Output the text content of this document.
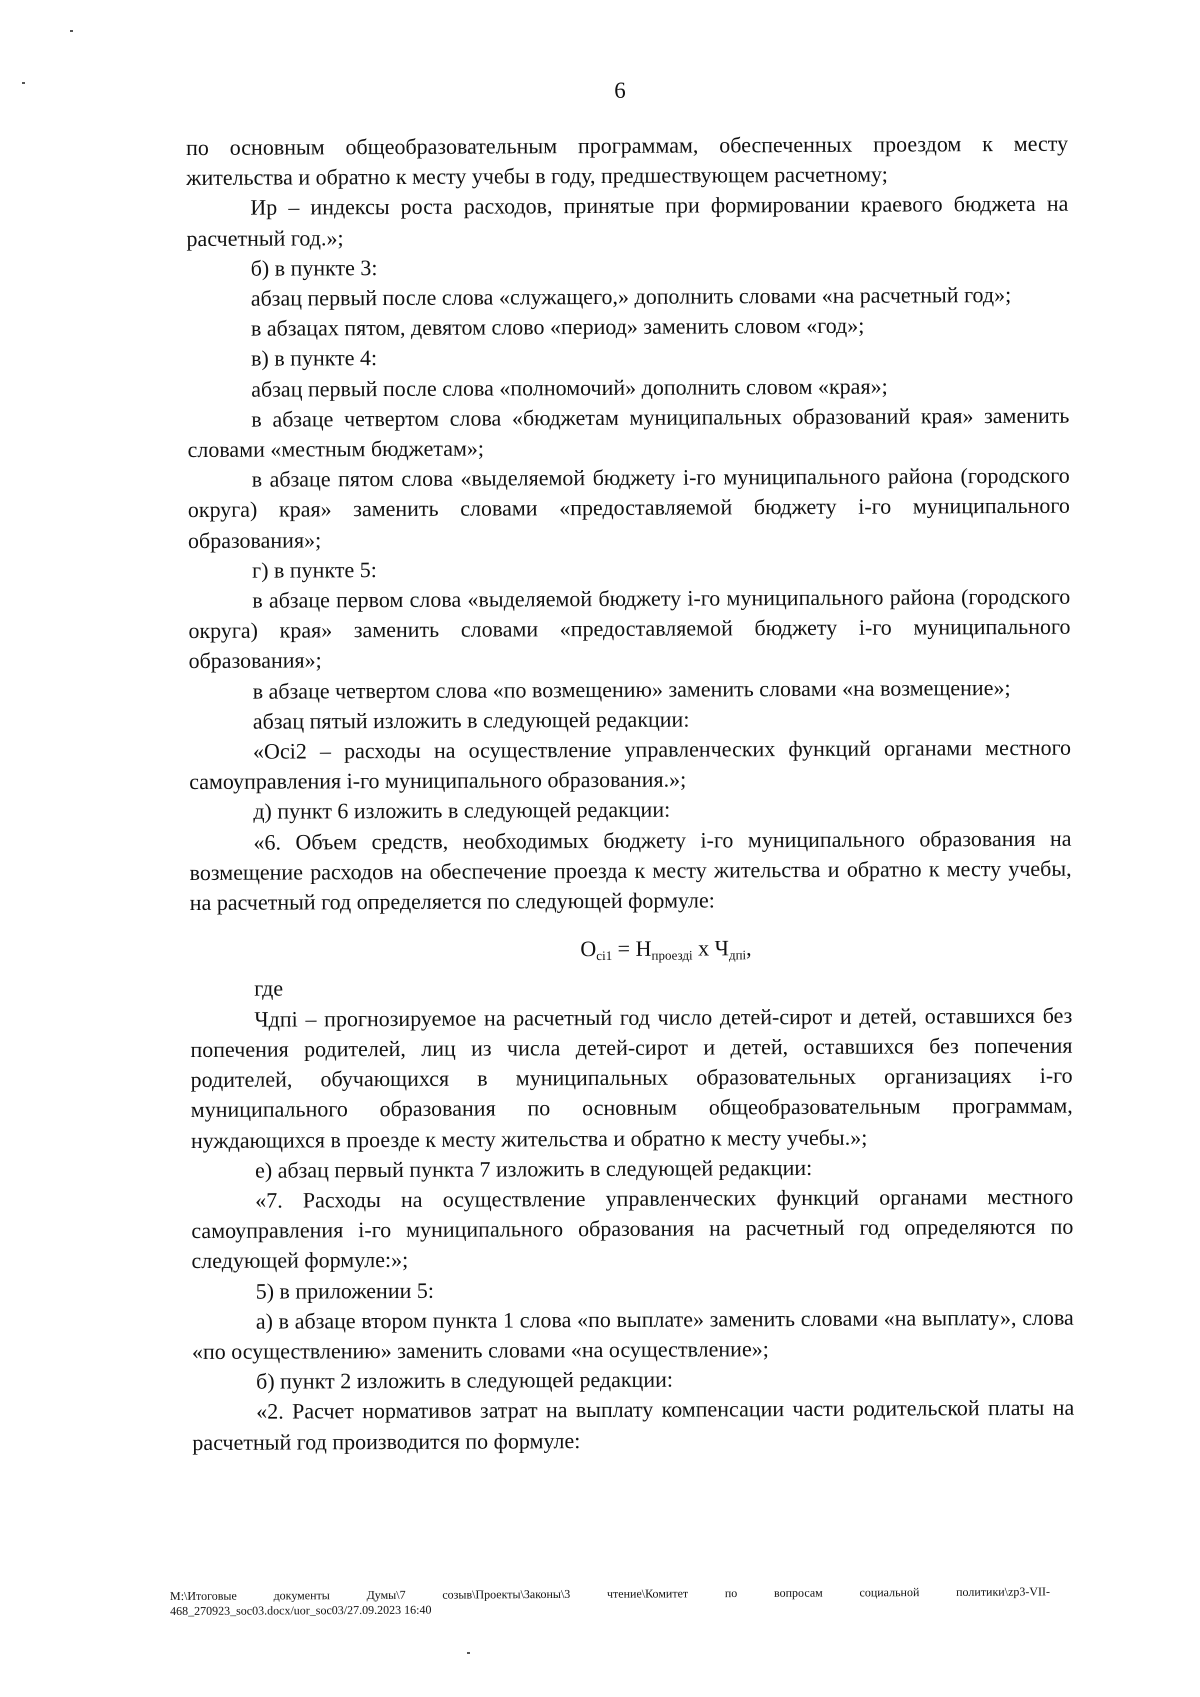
6

по основным общеобразовательным программам, обеспеченных проездом к месту жительства и обратно к месту учебы в году, предшествующем расчетному;

Ир – индексы роста расходов, принятые при формировании краевого бюджета на расчетный год.»;

б) в пункте 3:

абзац первый после слова «служащего,» дополнить словами «на расчетный год»;

в абзацах пятом, девятом слово «период» заменить словом «год»;

в) в пункте 4:

абзац первый после слова «полномочий» дополнить словом «края»;

в абзаце четвертом слова «бюджетам муниципальных образований края» заменить словами «местным бюджетам»;

в абзаце пятом слова «выделяемой бюджету i-го муниципального района (городского округа) края» заменить словами «предоставляемой бюджету i-го муниципального образования»;

г) в пункте 5:

в абзаце первом слова «выделяемой бюджету i-го муниципального района (городского округа) края» заменить словами «предоставляемой бюджету i-го муниципального образования»;

в абзаце четвертом слова «по возмещению» заменить словами «на возмещение»;

абзац пятый изложить в следующей редакции:

«Осi2 – расходы на осуществление управленческих функций органами местного самоуправления i-го муниципального образования.»;

д) пункт 6 изложить в следующей редакции:

«6. Объем средств, необходимых бюджету i-го муниципального образования на возмещение расходов на обеспечение проезда к месту жительства и обратно к месту учебы, на расчетный год определяется по следующей формуле:

$О_{сi1} = Н_{проездi}$ х $Ч_{дпi}$,

где

Чдпi – прогнозируемое на расчетный год число детей-сирот и детей, оставшихся без попечения родителей, лиц из числа детей-сирот и детей, оставшихся без попечения родителей, обучающихся в муниципальных образовательных организациях i-го муниципального образования по основным общеобразовательным программам, нуждающихся в проезде к месту жительства и обратно к месту учебы.»;

е) абзац первый пункта 7 изложить в следующей редакции:

«7. Расходы на осуществление управленческих функций органами местного самоуправления i-го муниципального образования на расчетный год определяются по следующей формуле:»;

5) в приложении 5:

а) в абзаце втором пункта 1 слова «по выплате» заменить словами «на выплату», слова «по осуществлению» заменить словами «на осуществление»;

б) пункт 2 изложить в следующей редакции:

«2. Расчет нормативов затрат на выплату компенсации части родительской платы на расчетный год производится по формуле:

M:\Итоговые документы Думы\7 созыв\Проекты\Законы\3 чтение\Комитет по вопросам социальной политики\zp3-VII-
468_270923_soc03.docx/uor_soc03/27.09.2023 16:40
